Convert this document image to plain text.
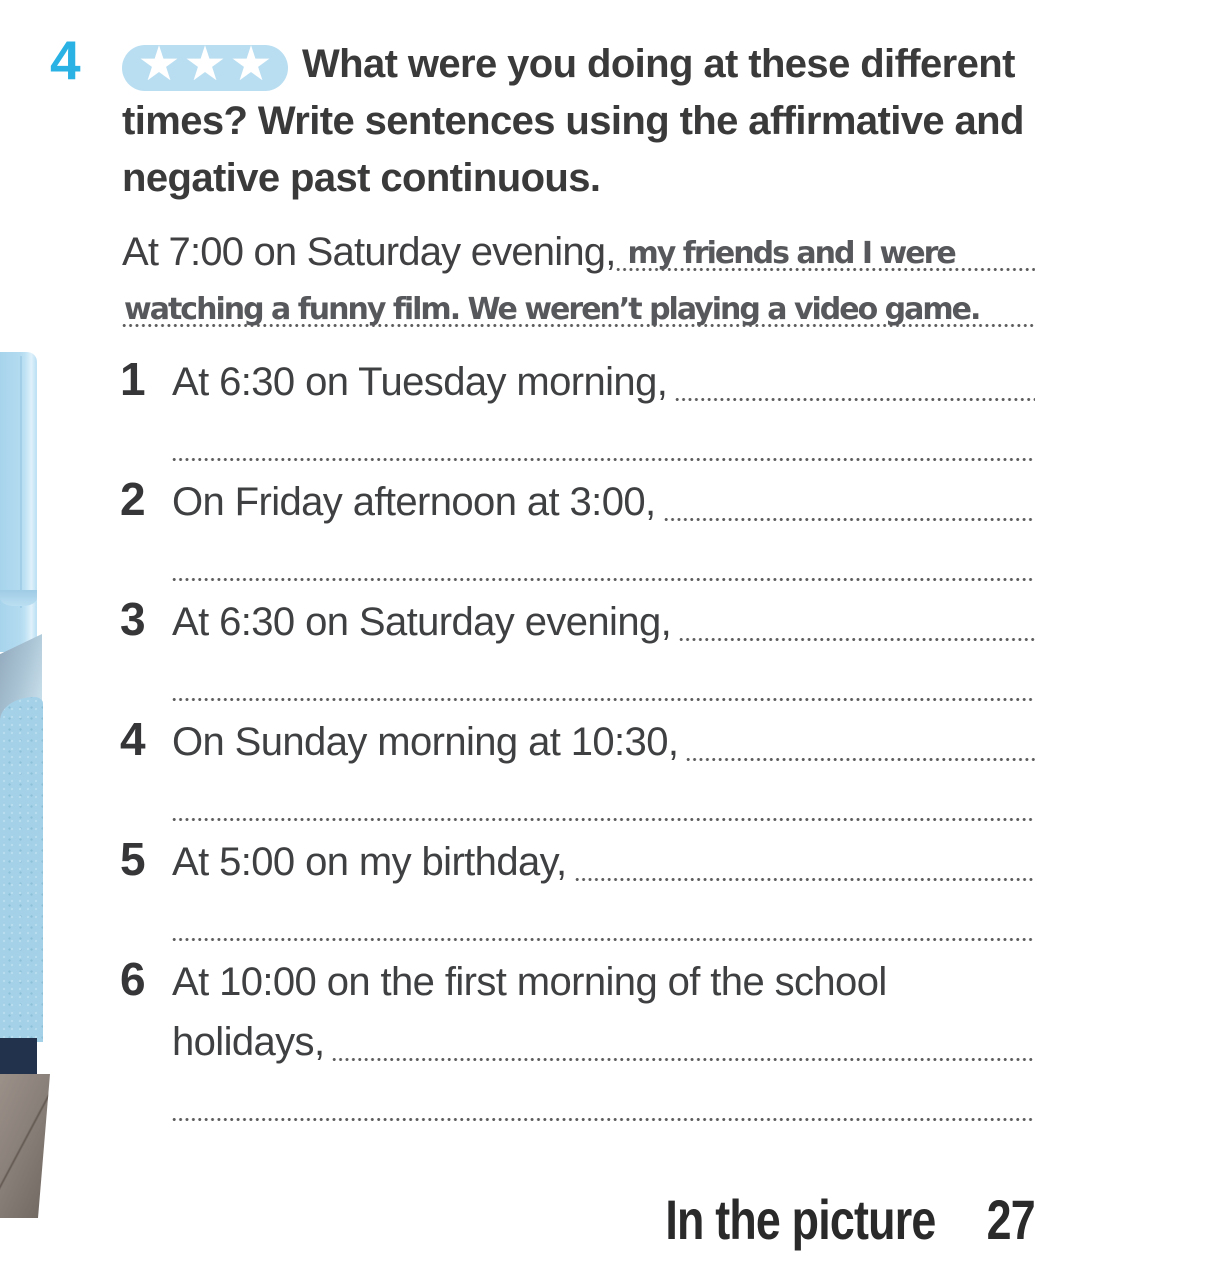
4 ★ ★ ★ What were you doing at these different
times? Write sentences using the affirmative and
negative past continuous.
At 7:00 on Saturday evening, my friends and I were
watching a funny film. We weren’t playing a video game.
1 At 6:30 on Tuesday morning,
2 On Friday afternoon at 3:00,
3 At 6:30 on Saturday evening,
4 On Sunday morning at 10:30,
5 At 5:00 on my birthday,
6 At 10:00 on the first morning of the school
holidays,
In the picture 27
